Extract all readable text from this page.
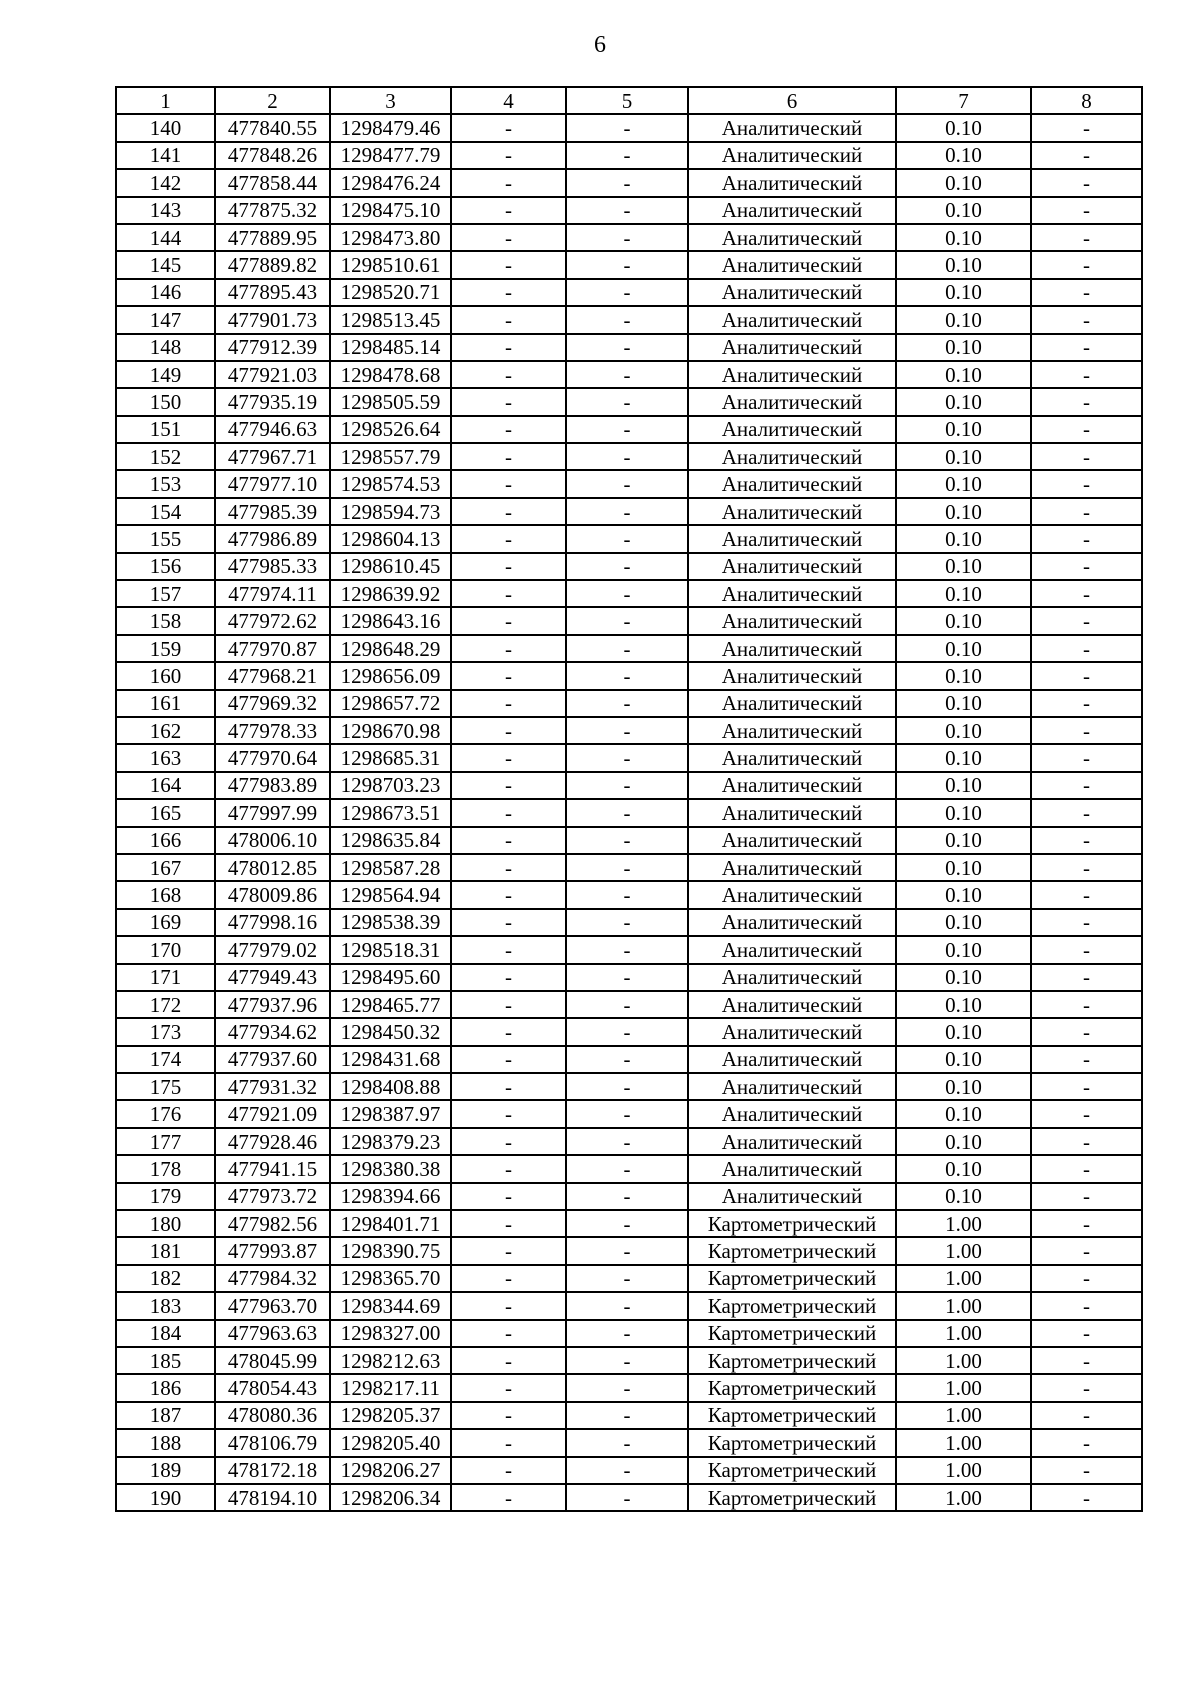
6
1	2	3	4	5	6	7	8
140	477840.55	1298479.46	-	-	Аналитический	0.10	-
141	477848.26	1298477.79	-	-	Аналитический	0.10	-
142	477858.44	1298476.24	-	-	Аналитический	0.10	-
143	477875.32	1298475.10	-	-	Аналитический	0.10	-
144	477889.95	1298473.80	-	-	Аналитический	0.10	-
145	477889.82	1298510.61	-	-	Аналитический	0.10	-
146	477895.43	1298520.71	-	-	Аналитический	0.10	-
147	477901.73	1298513.45	-	-	Аналитический	0.10	-
148	477912.39	1298485.14	-	-	Аналитический	0.10	-
149	477921.03	1298478.68	-	-	Аналитический	0.10	-
150	477935.19	1298505.59	-	-	Аналитический	0.10	-
151	477946.63	1298526.64	-	-	Аналитический	0.10	-
152	477967.71	1298557.79	-	-	Аналитический	0.10	-
153	477977.10	1298574.53	-	-	Аналитический	0.10	-
154	477985.39	1298594.73	-	-	Аналитический	0.10	-
155	477986.89	1298604.13	-	-	Аналитический	0.10	-
156	477985.33	1298610.45	-	-	Аналитический	0.10	-
157	477974.11	1298639.92	-	-	Аналитический	0.10	-
158	477972.62	1298643.16	-	-	Аналитический	0.10	-
159	477970.87	1298648.29	-	-	Аналитический	0.10	-
160	477968.21	1298656.09	-	-	Аналитический	0.10	-
161	477969.32	1298657.72	-	-	Аналитический	0.10	-
162	477978.33	1298670.98	-	-	Аналитический	0.10	-
163	477970.64	1298685.31	-	-	Аналитический	0.10	-
164	477983.89	1298703.23	-	-	Аналитический	0.10	-
165	477997.99	1298673.51	-	-	Аналитический	0.10	-
166	478006.10	1298635.84	-	-	Аналитический	0.10	-
167	478012.85	1298587.28	-	-	Аналитический	0.10	-
168	478009.86	1298564.94	-	-	Аналитический	0.10	-
169	477998.16	1298538.39	-	-	Аналитический	0.10	-
170	477979.02	1298518.31	-	-	Аналитический	0.10	-
171	477949.43	1298495.60	-	-	Аналитический	0.10	-
172	477937.96	1298465.77	-	-	Аналитический	0.10	-
173	477934.62	1298450.32	-	-	Аналитический	0.10	-
174	477937.60	1298431.68	-	-	Аналитический	0.10	-
175	477931.32	1298408.88	-	-	Аналитический	0.10	-
176	477921.09	1298387.97	-	-	Аналитический	0.10	-
177	477928.46	1298379.23	-	-	Аналитический	0.10	-
178	477941.15	1298380.38	-	-	Аналитический	0.10	-
179	477973.72	1298394.66	-	-	Аналитический	0.10	-
180	477982.56	1298401.71	-	-	Картометрический	1.00	-
181	477993.87	1298390.75	-	-	Картометрический	1.00	-
182	477984.32	1298365.70	-	-	Картометрический	1.00	-
183	477963.70	1298344.69	-	-	Картометрический	1.00	-
184	477963.63	1298327.00	-	-	Картометрический	1.00	-
185	478045.99	1298212.63	-	-	Картометрический	1.00	-
186	478054.43	1298217.11	-	-	Картометрический	1.00	-
187	478080.36	1298205.37	-	-	Картометрический	1.00	-
188	478106.79	1298205.40	-	-	Картометрический	1.00	-
189	478172.18	1298206.27	-	-	Картометрический	1.00	-
190	478194.10	1298206.34	-	-	Картометрический	1.00	-
